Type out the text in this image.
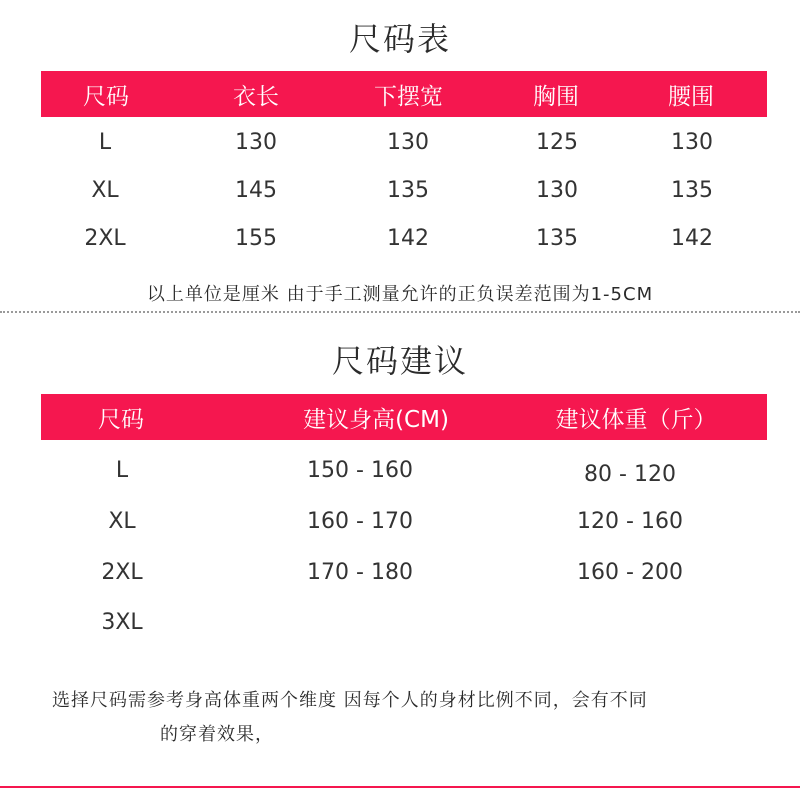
尺码表
尺码	衣长	下摆宽	胸围	腰围
L	130	130	125	130
XL	145	135	130	135
2XL	155	142	135	142
以上单位是厘米 由于手工测量允许的正负误差范围为1-5CM
尺码建议
尺码	建议身高(CM)	建议体重（斤）
L	150 - 160	80 - 120
XL	160 - 170	120 - 160
2XL	170 - 180	160 - 200
3XL
选择尺码需参考身高体重两个维度 因每个人的身材比例不同，会有不同
的穿着效果，
